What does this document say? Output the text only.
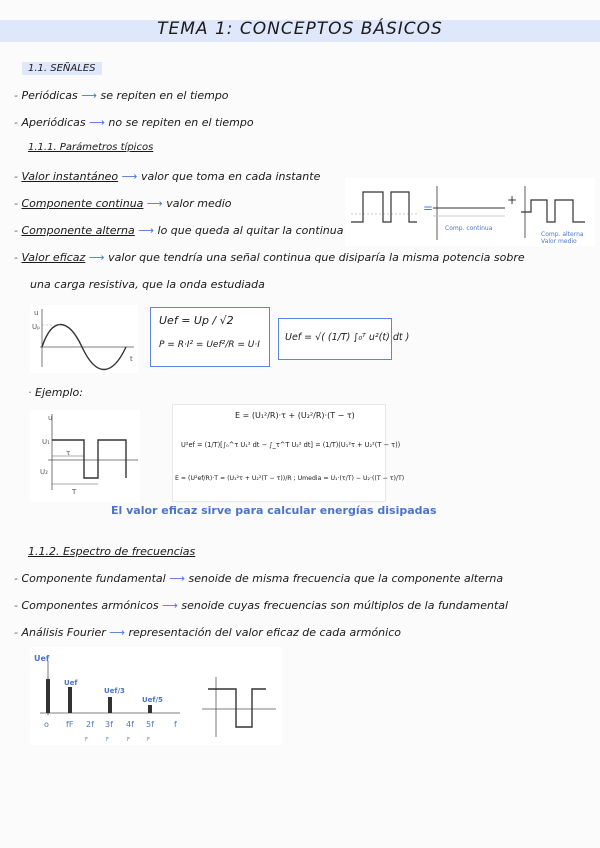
TEMA 1: CONCEPTOS BÁSICOS
1.1. SEÑALES
- Periódicas ⟶ se repiten en el tiempo
- Aperiódicas ⟶ no se repiten en el tiempo
1.1.1. Parámetros típicos
- Valor instantáneo ⟶ valor que toma en cada instante
- Componente continua ⟶ valor medio
- Componente alterna ⟶ lo que queda al quitar la continua
- Valor eficaz ⟶ valor que tendría una señal continua que disiparía la misma potencia sobre
una carga resistiva, que la onda estudiada
=
Comp. continua
+
Comp. alterna
Valor medio
u
Uₚ
t
Uef = Up / √2
P = R·I² = Uef²/R = U·I
Uef = √( (1/T) ∫₀ᵀ u²(t) dt )
· Ejemplo:
u
U₁
U₂
τ
T
E = (U₁²/R)·τ + (U₂²/R)·(T − τ)
U²ef = (1/T)[∫₀^τ U₁² dt − ∫_τ^T U₂² dt] = (1/T)(U₁²τ + U₂²(T − τ))
E = (U²ef/R)·T = (U₁²τ + U₂²(T − τ))/R ; Umedia = U₁·(τ/T) − U₂·((T − τ)/T)
El valor eficaz sirve para calcular energías disipadas
1.1.2. Espectro de frecuencias
- Componente fundamental ⟶ senoide de misma frecuencia que la componente alterna
- Componentes armónicos ⟶ senoide cuyas frecuencias son múltiplos de la fundamental
- Análisis Fourier ⟶ representación del valor eficaz de cada armónico
Uef
Uef
Uef/3
Uef/5
o fF 2f 3f 4f 5f	f
F	F	F	F
